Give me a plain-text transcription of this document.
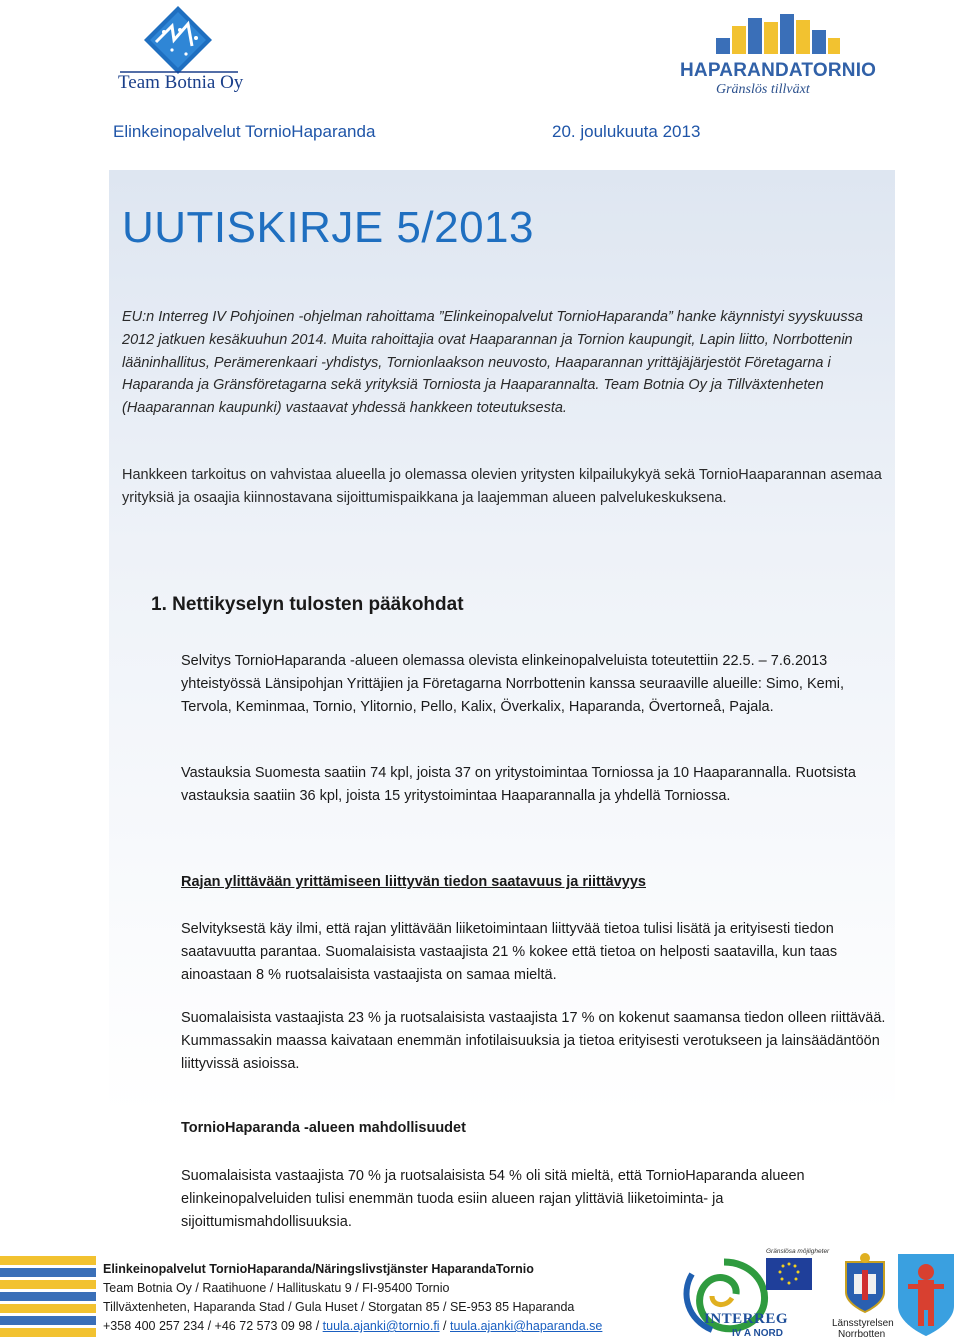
Team Botnia Oy
HAPARANDATORNIO
Gränslös tillväxt
Elinkeinopalvelut TornioHaparanda	20. joulukuuta 2013
UUTISKIRJE 5/2013

EU:n Interreg IV Pohjoinen -ohjelman rahoittama ”Elinkeinopalvelut TornioHaparanda” hanke käynnistyi syyskuussa 2012 jatkuen kesäkuuhun 2014. Muita rahoittajia ovat Haaparannan ja Tornion kaupungit, Lapin liitto, Norrbottenin lääninhallitus, Perämerenkaari -yhdistys, Tornionlaakson neuvosto, Haaparannan yrittäjäjärjestöt Företagarna i Haparanda ja Gränsföretagarna sekä yrityksiä Torniosta ja Haaparannalta. Team Botnia Oy ja Tillväxtenheten (Haaparannan kaupunki) vastaavat yhdessä hankkeen toteutuksesta.

Hankkeen tarkoitus on vahvistaa alueella jo olemassa olevien yritysten kilpailukykyä sekä TornioHaaparannan asemaa yrityksiä ja osaajia kiinnostavana sijoittumispaikkana ja laajemman alueen palvelukeskuksena.

1. Nettikyselyn tulosten pääkohdat

Selvitys TornioHaparanda -alueen olemassa olevista elinkeinopalveluista toteutettiin 22.5. – 7.6.2013 yhteistyössä Länsipohjan Yrittäjien ja Företagarna Norrbottenin kanssa seuraaville alueille: Simo, Kemi, Tervola, Keminmaa, Tornio, Ylitornio, Pello, Kalix, Överkalix, Haparanda, Övertorneå, Pajala.

Vastauksia Suomesta saatiin 74 kpl, joista 37 on yritystoimintaa Torniossa ja 10 Haaparannalla. Ruotsista vastauksia saatiin 36 kpl, joista 15 yritystoimintaa Haaparannalla ja yhdellä Torniossa.

Rajan ylittävään yrittämiseen liittyvän tiedon saatavuus ja riittävyys

Selvityksestä käy ilmi, että rajan ylittävään liiketoimintaan liittyvää tietoa tulisi lisätä ja erityisesti tiedon saatavuutta parantaa. Suomalaisista vastaajista 21 % kokee että tietoa on helposti saatavilla, kun taas ainoastaan 8 % ruotsalaisista vastaajista on samaa mieltä.

Suomalaisista vastaajista 23 % ja ruotsalaisista vastaajista 17 % on kokenut saamansa tiedon olleen riittävää. Kummassakin maassa kaivataan enemmän infotilaisuuksia ja tietoa erityisesti verotukseen ja lainsäädäntöön liittyvissä asioissa.

TornioHaparanda -alueen mahdollisuudet

Suomalaisista vastaajista 70 % ja ruotsalaisista 54 % oli sitä mieltä, että TornioHaparanda alueen elinkeinopalveluiden tulisi enemmän tuoda esiin alueen rajan ylittäviä liiketoiminta- ja sijoittumismahdollisuuksia.

Elinkeinopalvelut TornioHaparanda/Näringslivstjänster HaparandaTornio
Team Botnia Oy / Raatihuone / Hallituskatu 9 / FI-95400 Tornio
Tillväxtenheten, Haparanda Stad / Gula Huset / Storgatan 85 / SE-953 85 Haparanda
+358 400 257 234 / +46 72 573 09 98 / tuula.ajanki@tornio.fi / tuula.ajanki@haparanda.se	INTERREG
IV A NORD
Gränslösa möjligheter
Länsstyrelsen
Norrbotten
